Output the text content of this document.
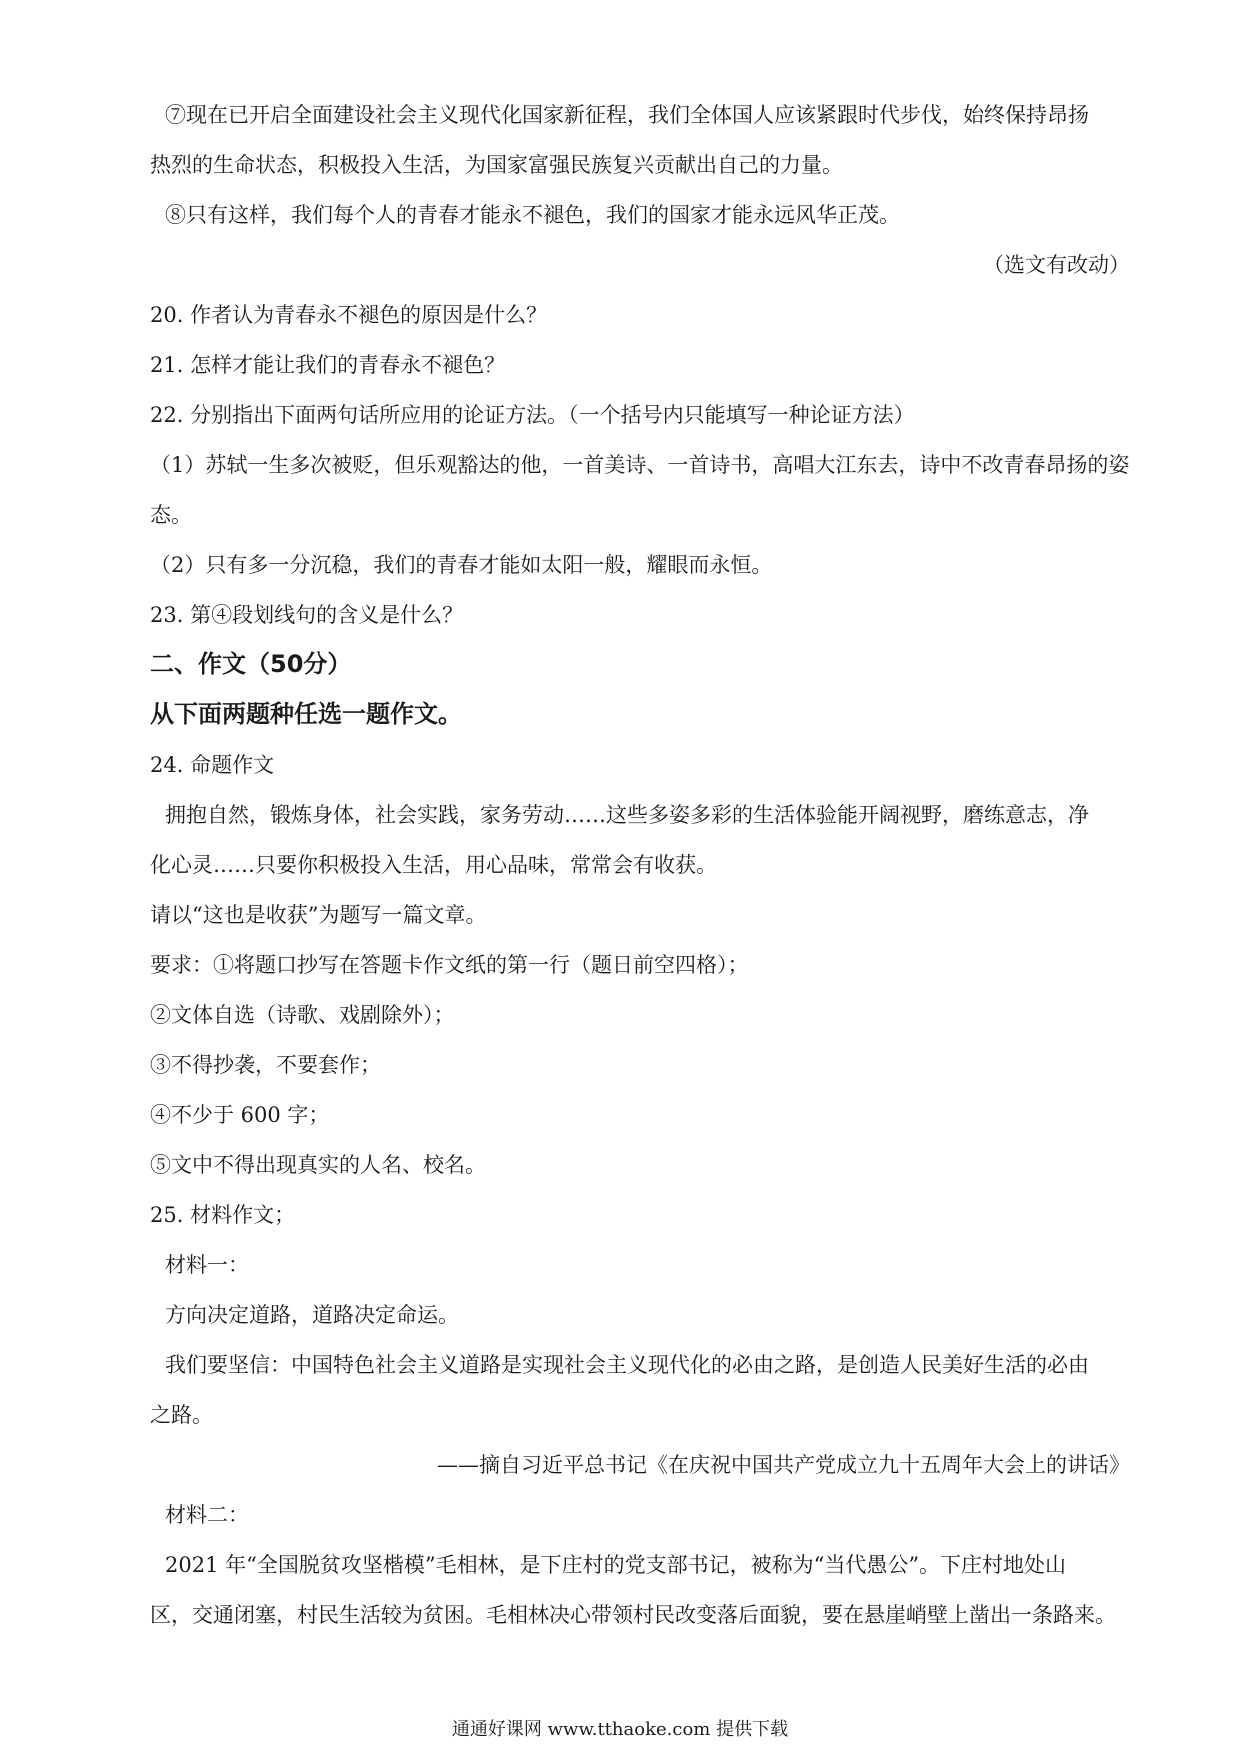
⑦现在已开启全面建设社会主义现代化国家新征程，我们全体国人应该紧跟时代步伐，始终保持昂扬
热烈的生命状态，积极投入生活，为国家富强民族复兴贡献出自己的力量。
⑧只有这样，我们每个人的青春才能永不褪色，我们的国家才能永远风华正茂。
（选文有改动）
20. 作者认为青春永不褪色的原因是什么？
21. 怎样才能让我们的青春永不褪色？
22. 分别指出下面两句话所应用的论证方法。（一个括号内只能填写一种论证方法）
（1）苏轼一生多次被贬，但乐观豁达的他，一首美诗、一首诗书，高唱大江东去，诗中不改青春昂扬的姿
态。
（2）只有多一分沉稳，我们的青春才能如太阳一般，耀眼而永恒。
23. 第④段划线句的含义是什么？
二、作文（50分）
从下面两题种任选一题作文。
24. 命题作文
拥抱自然，锻炼身体，社会实践，家务劳动……这些多姿多彩的生活体验能开阔视野，磨练意志，净
化心灵……只要你积极投入生活，用心品味，常常会有收获。
请以“这也是收获”为题写一篇文章。
要求：①将题口抄写在答题卡作文纸的第一行（题日前空四格）；
②文体自选（诗歌、戏剧除外）；
③不得抄袭，不要套作；
④不少于 600 字；
⑤文中不得出现真实的人名、校名。
25. 材料作文；
材料一：
方向决定道路，道路决定命运。
我们要坚信：中国特色社会主义道路是实现社会主义现代化的必由之路，是创造人民美好生活的必由
之路。
——摘自习近平总书记《在庆祝中国共产党成立九十五周年大会上的讲话》
材料二：
2021 年“全国脱贫攻坚楷模”毛相林，是下庄村的党支部书记，被称为“当代愚公”。下庄村地处山
区，交通闭塞，村民生活较为贫困。毛相林决心带领村民改变落后面貌，要在悬崖峭壁上凿出一条路来。
通通好课网 www.tthaoke.com 提供下载
